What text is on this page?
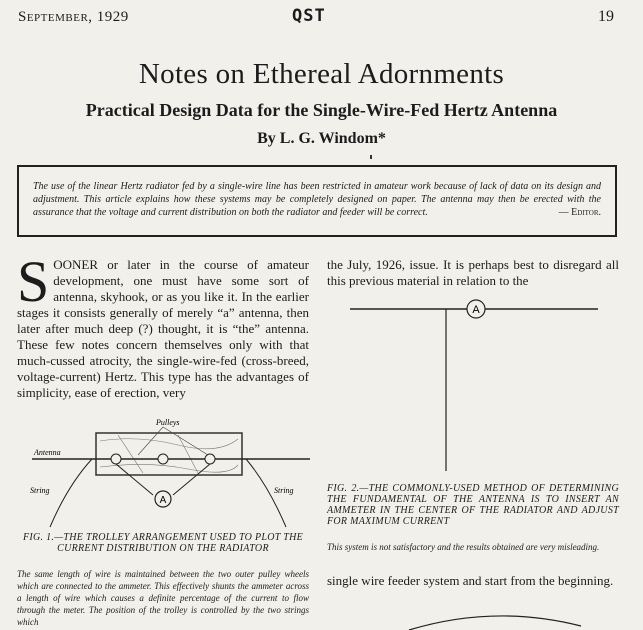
September, 1929	QST	19
Notes on Ethereal Adornments
Practical Design Data for the Single-Wire-Fed Hertz Antenna
By L. G. Windom*
The use of the linear Hertz radiator fed by a single-wire line has been restricted in amateur work because of lack of data on its design and adjustment. This article explains how these systems may be completely designed on paper. The antenna may then be erected with the assurance that the voltage and current distribution on both the radiator and feeder will be correct.	— Editor.
SOONER or later in the course of amateur development, one must have some sort of antenna, skyhook, or as you like it. In the earlier stages it consists generally of merely “a” antenna, then later after much deep (?) thought, it is “the” antenna. These few notes concern themselves only with that much-cussed atrocity, the single-wire-fed (cross-breed, voltage-current) Hertz. This type has the advantages of simplicity, ease of erection, very
the July, 1926, issue. It is perhaps best to disregard all this previous material in relation to the
A
Pulleys
Antenna
String	String
FIG. 1.—THE TROLLEY ARRANGEMENT USED TO PLOT THE CURRENT DISTRIBUTION ON THE RADIATOR
The same length of wire is maintained between the two outer pulley wheels which are connected to the ammeter. This effectively shunts the ammeter across a length of wire which causes a definite percentage of the current to flow through the meter. The position of the trolley is controlled by the two strings which
A
FIG. 2.—THE COMMONLY-USED METHOD OF DETERMINING THE FUNDAMENTAL OF THE ANTENNA IS TO INSERT AN AMMETER IN THE CENTER OF THE RADIATOR AND ADJUST FOR MAXIMUM CURRENT
This system is not satisfactory and the results obtained are very misleading.
single wire feeder system and start from the beginning.
